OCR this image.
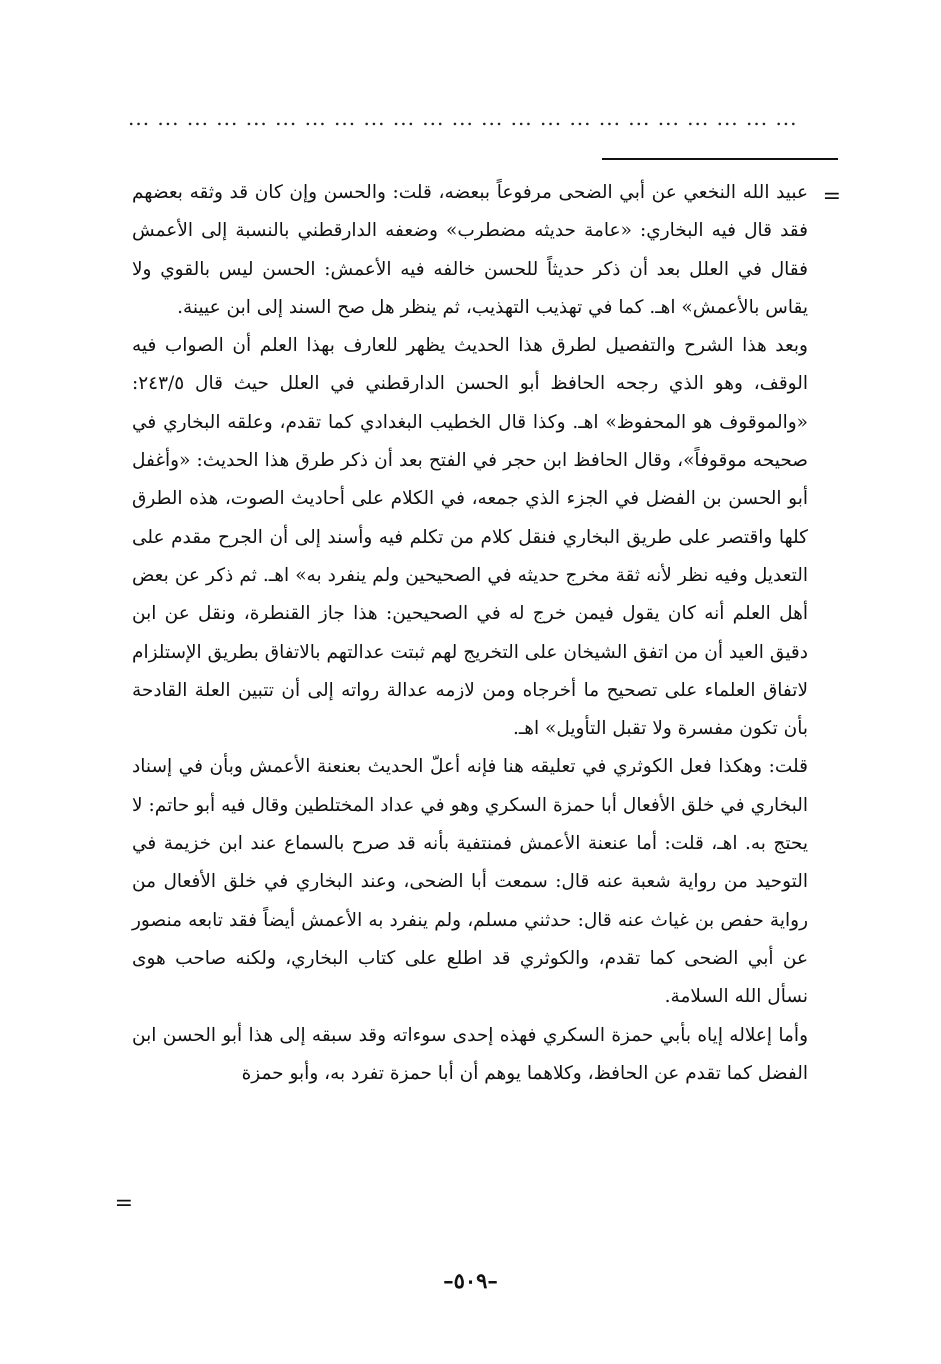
... ... ... ... ... ... ... ... ... ... ... ... ... ... ... ... ... ... ... ... ... ... ...
=

عبيد الله النخعي عن أبي الضحى مرفوعاً ببعضه، قلت: والحسن وإن كان قد وثقه بعضهم فقد قال فيه البخاري: «عامة حديثه مضطرب» وضعفه الدارقطني بالنسبة إلى الأعمش فقال في العلل بعد أن ذكر حديثاً للحسن خالفه فيه الأعمش: الحسن ليس بالقوي ولا يقاس بالأعمش» اهـ. كما في تهذيب التهذيب، ثم ينظر هل صح السند إلى ابن عيينة.

وبعد هذا الشرح والتفصيل لطرق هذا الحديث يظهر للعارف بهذا العلم أن الصواب فيه الوقف، وهو الذي رجحه الحافظ أبو الحسن الدارقطني في العلل حيث قال ٢٤٣/٥: «والموقوف هو المحفوظ» اهـ. وكذا قال الخطيب البغدادي كما تقدم، وعلقه البخاري في صحيحه موقوفاً»، وقال الحافظ ابن حجر في الفتح بعد أن ذكر طرق هذا الحديث: «وأغفل أبو الحسن بن الفضل في الجزء الذي جمعه، في الكلام على أحاديث الصوت، هذه الطرق كلها واقتصر على طريق البخاري فنقل كلام من تكلم فيه وأسند إلى أن الجرح مقدم على التعديل وفيه نظر لأنه ثقة مخرج حديثه في الصحيحين ولم ينفرد به» اهـ. ثم ذكر عن بعض أهل العلم أنه كان يقول فيمن خرج له في الصحيحين: هذا جاز القنطرة، ونقل عن ابن دقيق العيد أن من اتفق الشيخان على التخريج لهم ثبتت عدالتهم بالاتفاق بطريق الإستلزام لاتفاق العلماء على تصحيح ما أخرجاه ومن لازمه عدالة رواته إلى أن تتبين العلة القادحة بأن تكون مفسرة ولا تقبل التأويل» اهـ.

قلت: وهكذا فعل الكوثري في تعليقه هنا فإنه أعلّ الحديث بعنعنة الأعمش وبأن في إسناد البخاري في خلق الأفعال أبا حمزة السكري وهو في عداد المختلطين وقال فيه أبو حاتم: لا يحتج به. اهـ، قلت: أما عنعنة الأعمش فمنتفية بأنه قد صرح بالسماع عند ابن خزيمة في التوحيد من رواية شعبة عنه قال: سمعت أبا الضحى، وعند البخاري في خلق الأفعال من رواية حفص بن غياث عنه قال: حدثني مسلم، ولم ينفرد به الأعمش أيضاً فقد تابعه منصور عن أبي الضحى كما تقدم، والكوثري قد اطلع على كتاب البخاري، ولكنه صاحب هوى نسأل الله السلامة.

وأما إعلاله إياه بأبي حمزة السكري فهذه إحدى سوءاته وقد سبقه إلى هذا أبو الحسن ابن الفضل كما تقدم عن الحافظ، وكلاهما يوهم أن أبا حمزة تفرد به، وأبو حمزة

=
–٥٠٩–
